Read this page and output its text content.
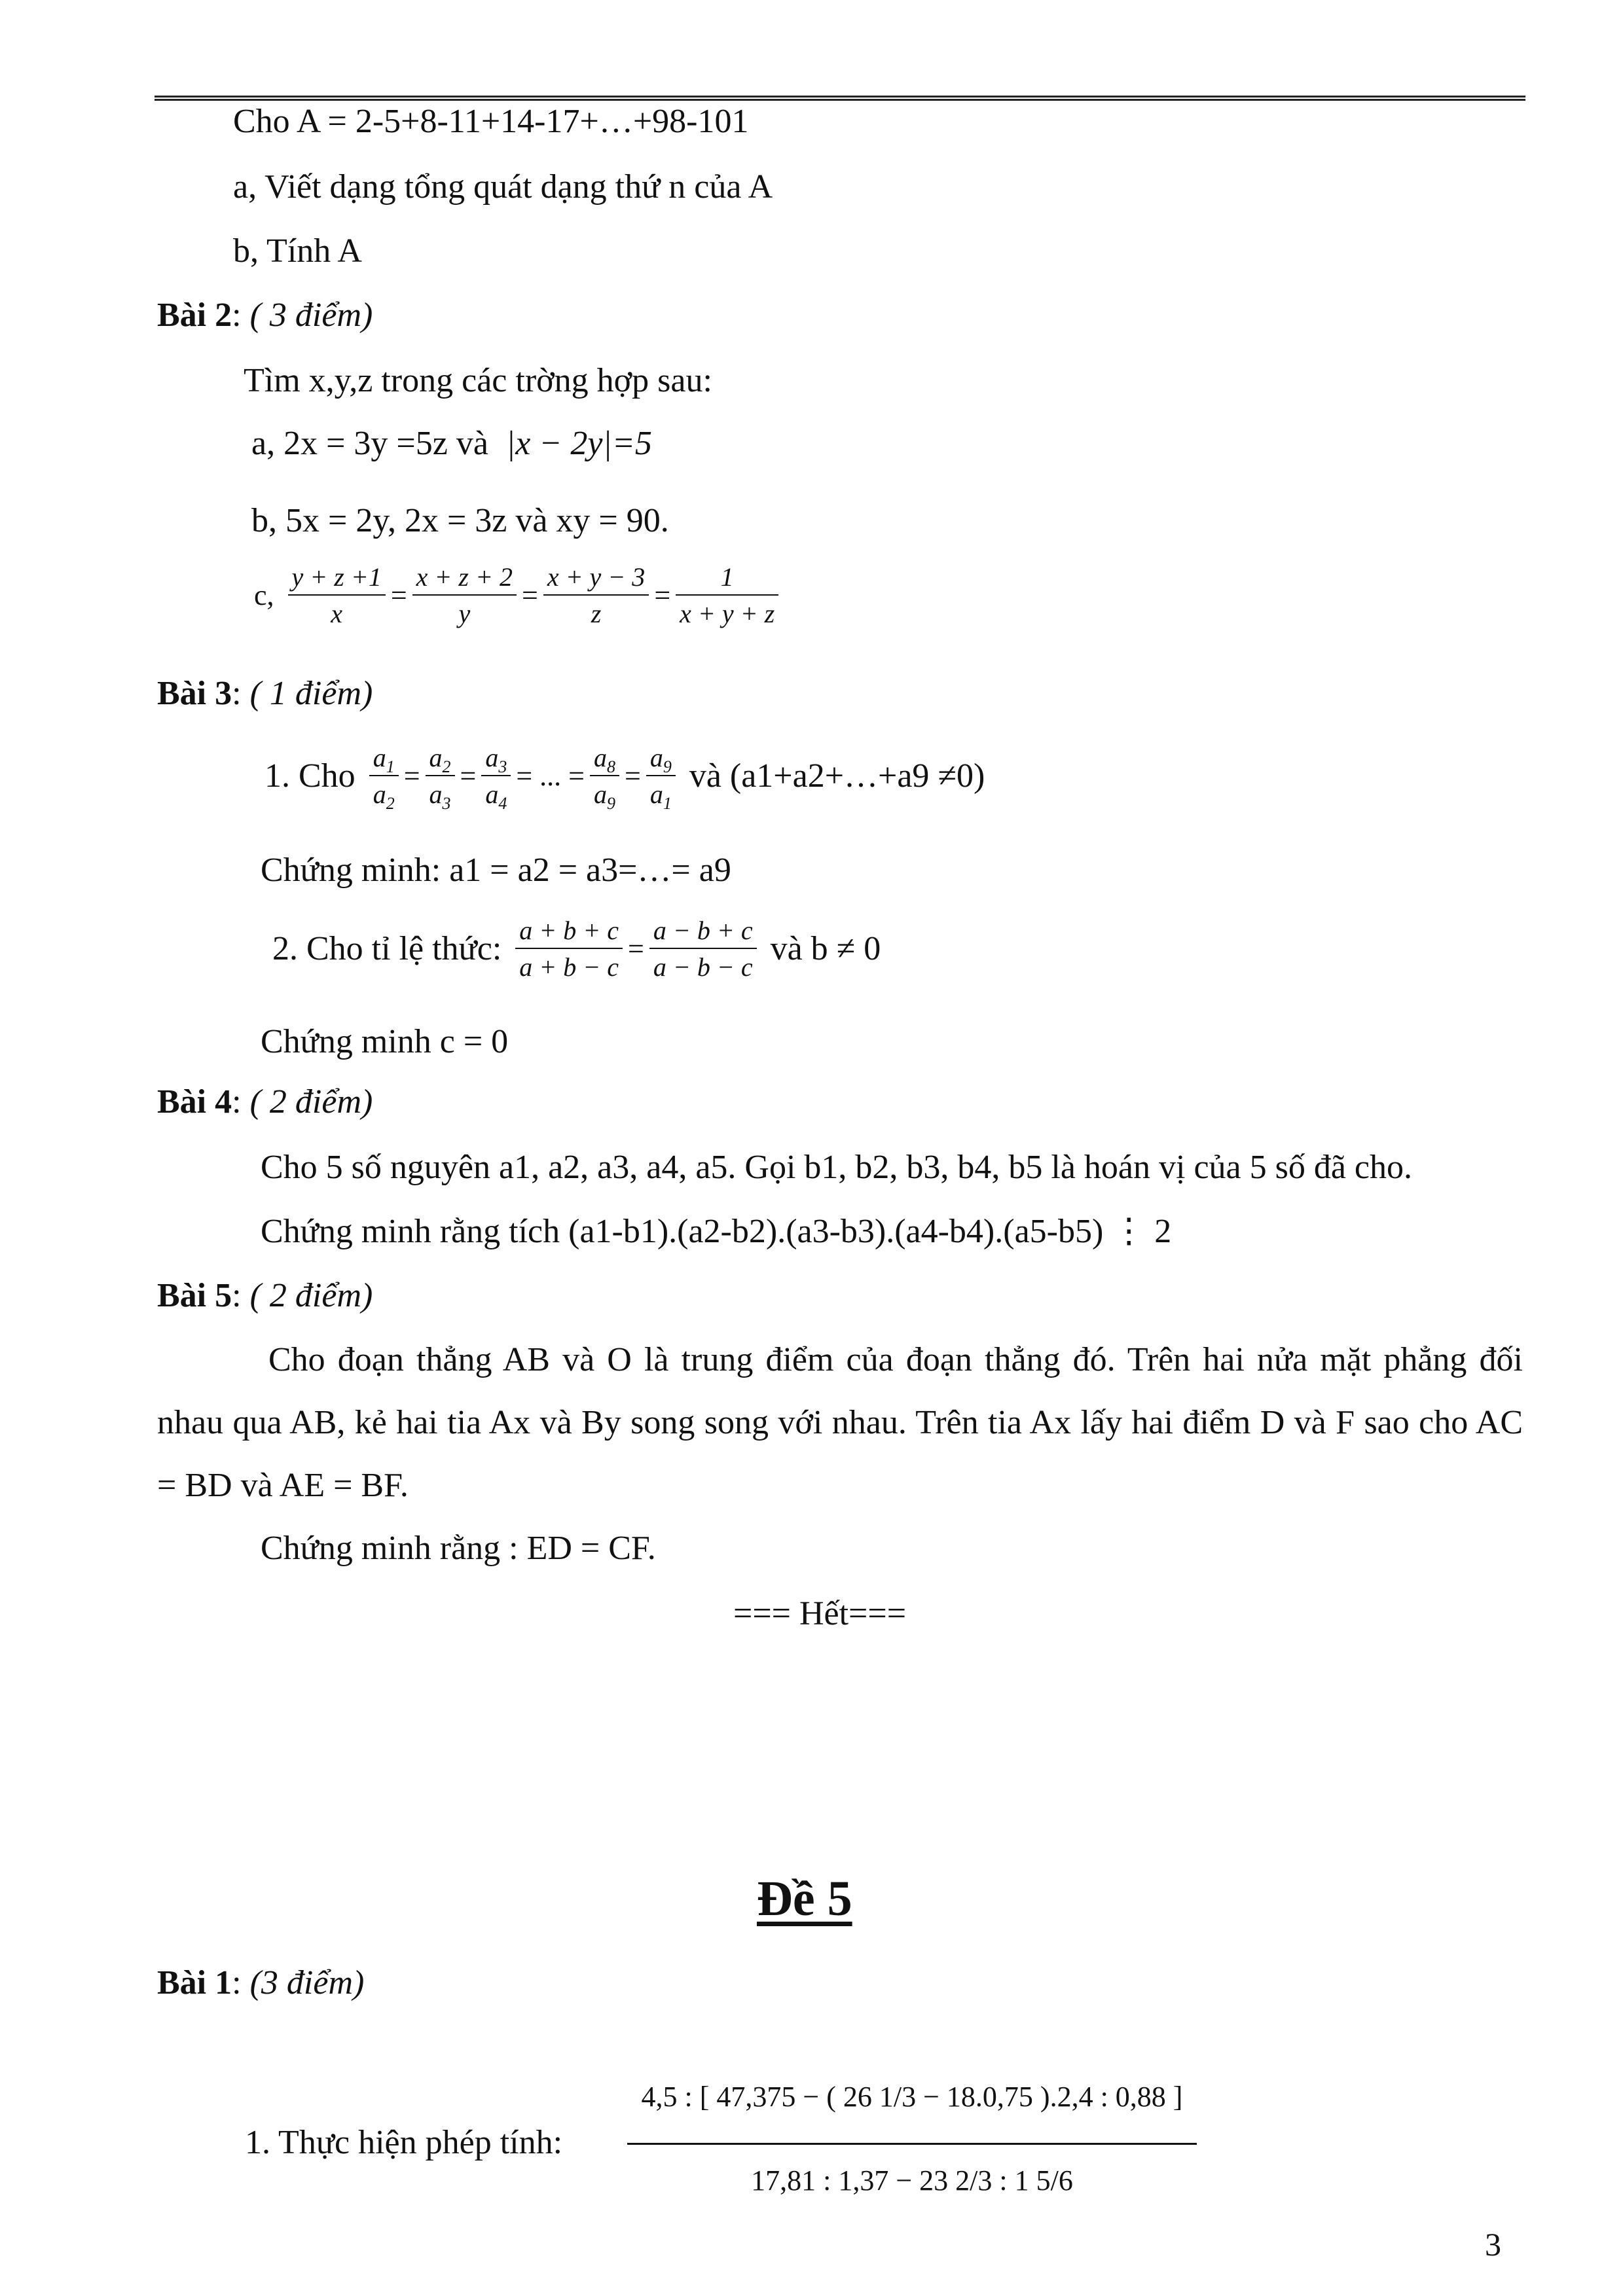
Cho A = 2-5+8-11+14-17+…+98-101
a, Viết dạng tổng quát dạng thứ n của A
b, Tính A
Bài 2: ( 3 điểm)
Tìm x,y,z trong các trờng hợp sau:
a, 2x = 3y =5z và |x − 2y|=5
b, 5x = 2y, 2x = 3z và xy = 90.
c, $\frac{y + z +1}{x} = \frac{x + z + 2}{y} = \frac{x + y - 3}{z} = \frac{1}{x + y + z}$
Bài 3: ( 1 điểm)
1. Cho $\frac{a_1}{a_2} = \frac{a_2}{a_3} = \frac{a_3}{a_4}$ = ... = $\frac{a_8}{a_9} = \frac{a_9}{a_1}$ và (a1+a2+…+a9 ≠0)
Chứng minh: a1 = a2 = a3=…= a9
2. Cho tỉ lệ thức: $\frac{a + b + c}{a + b - c} = \frac{a - b + c}{a - b - c}$ và b ≠ 0
Chứng minh c = 0
Bài 4: ( 2 điểm)
Cho 5 số nguyên a1, a2, a3, a4, a5. Gọi b1, b2, b3, b4, b5 là hoán vị của 5 số đã cho.
Chứng minh rằng tích (a1-b1).(a2-b2).(a3-b3).(a4-b4).(a5-b5) ⋮ 2
Bài 5: ( 2 điểm)
Cho đoạn thẳng AB và O là trung điểm của đoạn thẳng đó. Trên hai nửa mặt phẳng đối nhau qua AB, kẻ hai tia Ax và By song song với nhau. Trên tia Ax lấy hai điểm D và F sao cho AC = BD và AE = BF.
Chứng minh rằng : ED = CF.
=== Hết===
Đề 5
Bài 1: (3 điểm)
1. Thực hiện phép tính:
4,5 : [ 47,375 − ( 26 1/3 − 18.0,75 ).2,4 : 0,88 ]
17,81 : 1,37 − 23 2/3 : 1 5/6
3
